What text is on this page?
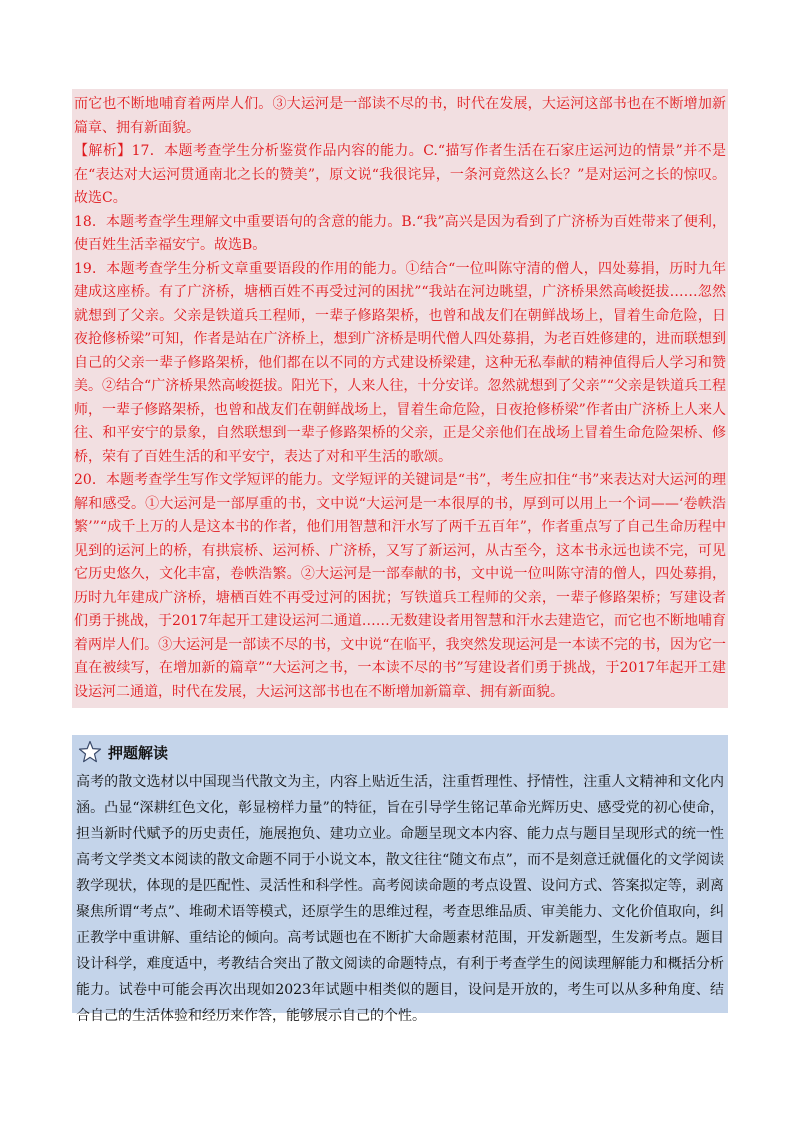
而它也不断地哺育着两岸人们。③大运河是一部读不尽的书，时代在发展，大运河这部书也在不断增加新篇章、拥有新面貌。

【解析】17．本题考查学生分析鉴赏作品内容的能力。C.“描写作者生活在石家庄运河边的情景”并不是在“表达对大运河贯通南北之长的赞美”，原文说“我很诧异，一条河竟然这么长？”是对运河之长的惊叹。故选C。

18．本题考查学生理解文中重要语句的含意的能力。B.“我”高兴是因为看到了广济桥为百姓带来了便利，使百姓生活幸福安宁。故选B。

19．本题考查学生分析文章重要语段的作用的能力。①结合“一位叫陈守清的僧人，四处募捐，历时九年建成这座桥。有了广济桥，塘栖百姓不再受过河的困扰”“我站在河边眺望，广济桥果然高峻挺拔……忽然就想到了父亲。父亲是铁道兵工程师，一辈子修路架桥，也曾和战友们在朝鲜战场上，冒着生命危险，日夜抢修桥梁”可知，作者是站在广济桥上，想到广济桥是明代僧人四处募捐，为老百姓修建的，进而联想到自己的父亲一辈子修路架桥，他们都在以不同的方式建设桥梁建，这种无私奉献的精神值得后人学习和赞美。②结合“广济桥果然高峻挺拔。阳光下，人来人往，十分安详。忽然就想到了父亲”“父亲是铁道兵工程师，一辈子修路架桥，也曾和战友们在朝鲜战场上，冒着生命危险，日夜抢修桥梁”作者由广济桥上人来人往、和平安宁的景象，自然联想到一辈子修路架桥的父亲，正是父亲他们在战场上冒着生命危险架桥、修桥，荣有了百姓生活的和平安宁，表达了对和平生活的歌颂。

20．本题考查学生写作文学短评的能力。文学短评的关键词是“书”，考生应扣住“书”来表达对大运河的理解和感受。①大运河是一部厚重的书，文中说“大运河是一本很厚的书，厚到可以用上一个词——‘卷帙浩繁’”“成千上万的人是这本书的作者，他们用智慧和汗水写了两千五百年”，作者重点写了自己生命历程中见到的运河上的桥，有拱宸桥、运河桥、广济桥，又写了新运河，从古至今，这本书永远也读不完，可见它历史悠久，文化丰富，卷帙浩繁。②大运河是一部奉献的书，文中说一位叫陈守清的僧人，四处募捐，历时九年建成广济桥，塘栖百姓不再受过河的困扰；写铁道兵工程师的父亲，一辈子修路架桥；写建设者们勇于挑战，于2017年起开工建设运河二通道……无数建设者用智慧和汗水去建造它，而它也不断地哺育着两岸人们。③大运河是一部读不尽的书，文中说“在临平，我突然发现运河是一本读不完的书，因为它一直在被续写，在增加新的篇章”“大运河之书，一本读不尽的书”写建设者们勇于挑战，于2017年起开工建设运河二通道，时代在发展，大运河这部书也在不断增加新篇章、拥有新面貌。

押题解读

高考的散文选材以中国现当代散文为主，内容上贴近生活，注重哲理性、抒情性，注重人文精神和文化内涵。凸显“深耕红色文化，彰显榜样力量”的特征，旨在引导学生铭记革命光辉历史、感受党的初心使命，担当新时代赋予的历史责任，施展抱负、建功立业。命题呈现文本内容、能力点与题目呈现形式的统一性高考文学类文本阅读的散文命题不同于小说文本，散文往往“随文布点”，而不是刻意迁就僵化的文学阅读教学现状，体现的是匹配性、灵活性和科学性。高考阅读命题的考点设置、设问方式、答案拟定等，剥离聚焦所谓“考点”、堆砌术语等模式，还原学生的思维过程，考查思维品质、审美能力、文化价值取向，纠正教学中重讲解、重结论的倾向。高考试题也在不断扩大命题素材范围，开发新题型，生发新考点。题目设计科学，难度适中，考教结合突出了散文阅读的命题特点，有利于考查学生的阅读理解能力和概括分析能力。试卷中可能会再次出现如2023年试题中相类似的题目，设问是开放的，考生可以从多种角度、结合自己的生活体验和经历来作答，能够展示自己的个性。
